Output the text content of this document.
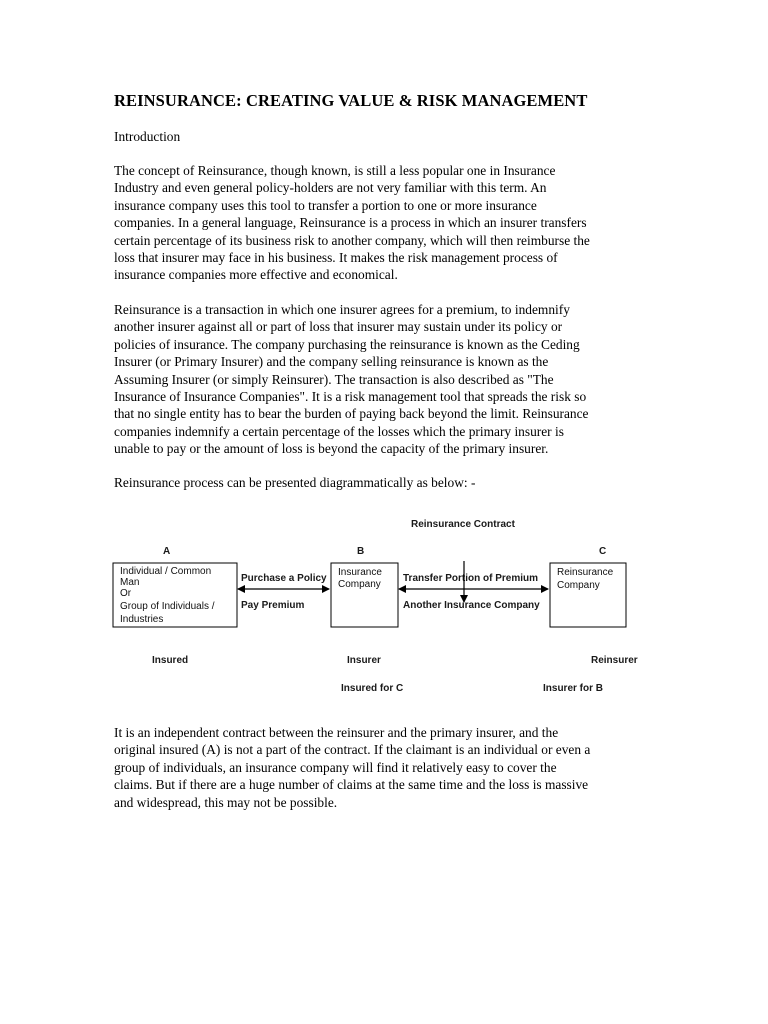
REINSURANCE: CREATING VALUE & RISK MANAGEMENT

Introduction

The concept of Reinsurance, though known, is still a less popular one in Insurance
Industry and even general policy-holders are not very familiar with this term. An
insurance company uses this tool to transfer a portion to one or more insurance
companies. In a general language, Reinsurance is a process in which an insurer transfers
certain percentage of its business risk to another company, which will then reimburse the
loss that insurer may face in his business. It makes the risk management process of
insurance companies more effective and economical.

Reinsurance is a transaction in which one insurer agrees for a premium, to indemnify
another insurer against all or part of loss that insurer may sustain under its policy or
policies of insurance. The company purchasing the reinsurance is known as the Ceding
Insurer (or Primary Insurer) and the company selling reinsurance is known as the
Assuming Insurer (or simply Reinsurer). The transaction is also described as "The
Insurance of Insurance Companies". It is a risk management tool that spreads the risk so
that no single entity has to bear the burden of paying back beyond the limit. Reinsurance
companies indemnify a certain percentage of the losses which the primary insurer is
unable to pay or the amount of loss is beyond the capacity of the primary insurer.

Reinsurance process can be presented diagrammatically as below: -

Reinsurance Contract
A	B	C
Individual / Common
Man
Or
Group of Individuals /
Industries
Insurance
Company
Reinsurance
Company
Purchase a Policy
Pay Premium
Transfer Portion of Premium
Another Insurance Company
Insured	Insurer	Reinsurer
Insured for C	Insurer for B

It is an independent contract between the reinsurer and the primary insurer, and the
original insured (A) is not a part of the contract. If the claimant is an individual or even a
group of individuals, an insurance company will find it relatively easy to cover the
claims. But if there are a huge number of claims at the same time and the loss is massive
and widespread, this may not be possible.
